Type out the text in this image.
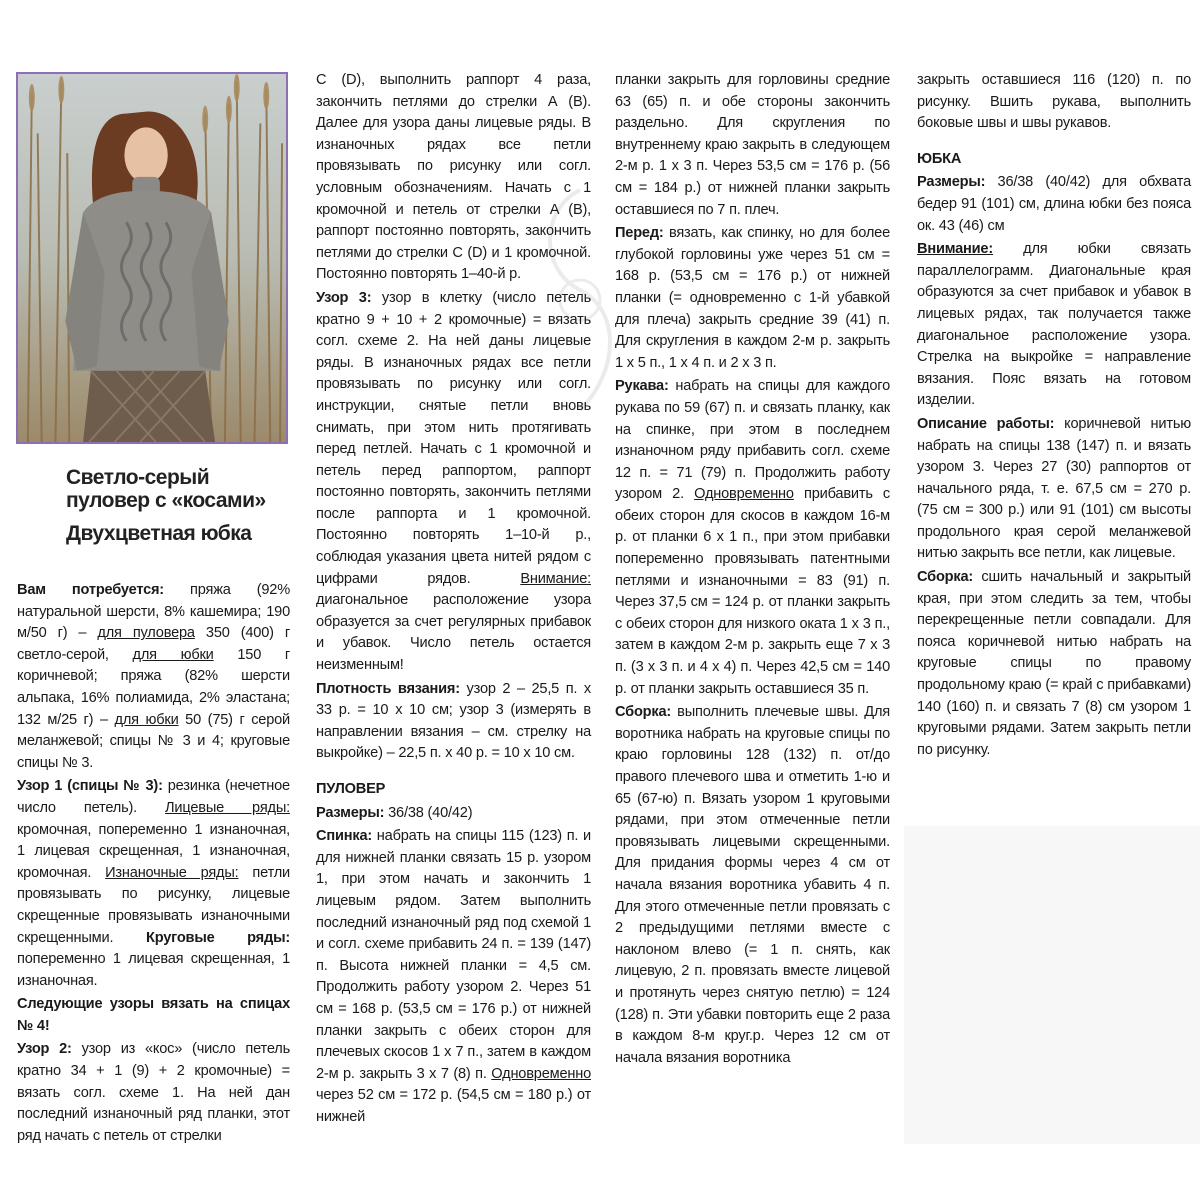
Светло-серый пуловер с «косами»
Двухцветная юбка

Вам потребуется: пряжа (92% натуральной шерсти, 8% кашемира; 190 м/50 г) – для пуловера 350 (400) г светло-серой, для юбки 150 г коричневой; пряжа (82% шерсти альпака, 16% полиамида, 2% эластана; 132 м/25 г) – для юбки 50 (75) г серой меланжевой; спицы № 3 и 4; круговые спицы № 3.

Узор 1 (спицы № 3): резинка (нечетное число петель). Лицевые ряды: кромочная, попеременно 1 изнаночная, 1 лицевая скрещенная, 1 изнаночная, кромочная. Изнаночные ряды: петли провязывать по рисунку, лицевые скрещенные провязывать изнаночными скрещенными. Круговые ряды: попеременно 1 лицевая скрещенная, 1 изнаночная.

Следующие узоры вязать на спицах № 4!

Узор 2: узор из «кос» (число петель кратно 34 + 1 (9) + 2 кромочные) = вязать согл. схеме 1. На ней дан последний изнаночный ряд планки, этот ряд начать с петель от стрелки

С (D), выполнить раппорт 4 раза, закончить петлями до стрелки А (В). Далее для узора даны лицевые ряды. В изнаночных рядах все петли провязывать по рисунку или согл. условным обозначениям. Начать с 1 кромочной и петель от стрелки А (В), раппорт постоянно повторять, закончить петлями до стрелки С (D) и 1 кромочной. Постоянно повторять 1–40-й р.

Узор 3: узор в клетку (число петель кратно 9 + 10 + 2 кромочные) = вязать согл. схеме 2. На ней даны лицевые ряды. В изнаночных рядах все петли провязывать по рисунку или согл. инструкции, снятые петли вновь снимать, при этом нить протягивать перед петлей. Начать с 1 кромочной и петель перед раппортом, раппорт постоянно повторять, закончить петлями после раппорта и 1 кромочной. Постоянно повторять 1–10-й р., соблюдая указания цвета нитей рядом с цифрами рядов. Внимание: диагональное расположение узора образуется за счет регулярных прибавок и убавок. Число петель остается неизменным!

Плотность вязания: узор 2 – 25,5 п. х 33 р. = 10 х 10 см; узор 3 (измерять в направлении вязания – см. стрелку на выкройке) – 22,5 п. х 40 р. = 10 х 10 см.

ПУЛОВЕР

Размеры: 36/38 (40/42)

Спинка: набрать на спицы 115 (123) п. и для нижней планки связать 15 р. узором 1, при этом начать и закончить 1 лицевым рядом. Затем выполнить последний изнаночный ряд под схемой 1 и согл. схеме прибавить 24 п. = 139 (147) п. Высота нижней планки = 4,5 см. Продолжить работу узором 2. Через 51 см = 168 р. (53,5 см = 176 р.) от нижней планки закрыть с обеих сторон для плечевых скосов 1 х 7 п., затем в каждом 2-м р. закрыть 3 х 7 (8) п. Одновременно через 52 см = 172 р. (54,5 см = 180 р.) от нижней

планки закрыть для горловины средние 63 (65) п. и обе стороны закончить раздельно. Для скругления по внутреннему краю закрыть в следующем 2-м р. 1 х 3 п. Через 53,5 см = 176 р. (56 см = 184 р.) от нижней планки закрыть оставшиеся по 7 п. плеч.

Перед: вязать, как спинку, но для более глубокой горловины уже через 51 см = 168 р. (53,5 см = 176 р.) от нижней планки (= одновременно с 1-й убавкой для плеча) закрыть средние 39 (41) п. Для скругления в каждом 2-м р. закрыть 1 х 5 п., 1 х 4 п. и 2 х 3 п.

Рукава: набрать на спицы для каждого рукава по 59 (67) п. и связать планку, как на спинке, при этом в последнем изнаночном ряду прибавить согл. схеме 12 п. = 71 (79) п. Продолжить работу узором 2. Одновременно прибавить с обеих сторон для скосов в каждом 16-м р. от планки 6 х 1 п., при этом прибавки попеременно провязывать патентными петлями и изнаночными = 83 (91) п. Через 37,5 см = 124 р. от планки закрыть с обеих сторон для низкого оката 1 х 3 п., затем в каждом 2-м р. закрыть еще 7 х 3 п. (3 х 3 п. и 4 х 4) п. Через 42,5 см = 140 р. от планки закрыть оставшиеся 35 п.

Сборка: выполнить плечевые швы. Для воротника набрать на круговые спицы по краю горловины 128 (132) п. от/до правого плечевого шва и отметить 1-ю и 65 (67-ю) п. Вязать узором 1 круговыми рядами, при этом отмеченные петли провязывать лицевыми скрещенными. Для придания формы через 4 см от начала вязания воротника убавить 4 п. Для этого отмеченные петли провязать с 2 предыдущими петлями вместе с наклоном влево (= 1 п. снять, как лицевую, 2 п. провязать вместе лицевой и протянуть через снятую петлю) = 124 (128) п. Эти убавки повторить еще 2 раза в каждом 8-м круг.р. Через 12 см от начала вязания воротника

закрыть оставшиеся 116 (120) п. по рисунку. Вшить рукава, выполнить боковые швы и швы рукавов.

ЮБКА

Размеры: 36/38 (40/42) для обхвата бедер 91 (101) см, длина юбки без пояса ок. 43 (46) см

Внимание: для юбки связать параллелограмм. Диагональные края образуются за счет прибавок и убавок в лицевых рядах, так получается также диагональное расположение узора. Стрелка на выкройке = направление вязания. Пояс вязать на готовом изделии.

Описание работы: коричневой нитью набрать на спицы 138 (147) п. и вязать узором 3. Через 27 (30) раппортов от начального ряда, т. е. 67,5 см = 270 р. (75 см = 300 р.) или 91 (101) см высоты продольного края серой меланжевой нитью закрыть все петли, как лицевые.

Сборка: сшить начальный и закрытый края, при этом следить за тем, чтобы перекрещенные петли совпадали. Для пояса коричневой нитью набрать на круговые спицы по правому продольному краю (= край с прибавками) 140 (160) п. и связать 7 (8) см узором 1 круговыми рядами. Затем закрыть петли по рисунку.
